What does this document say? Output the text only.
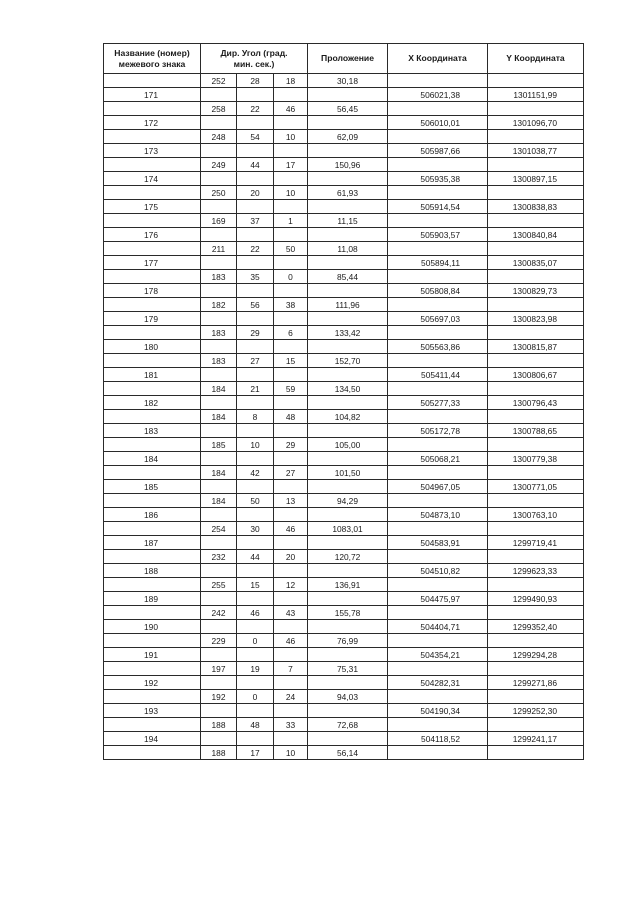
Название (номер) межевого знака	Дир. Угол (град. мин. сек.)			Проложение	X Координата	Y Координата
	252	28	18	30,18		
171					506021,38	1301151,99
	258	22	46	56,45		
172					506010,01	1301096,70
	248	54	10	62,09		
173					505987,66	1301038,77
	249	44	17	150,96		
174					505935,38	1300897,15
	250	20	10	61,93		
175					505914,54	1300838,83
	169	37	1	11,15		
176					505903,57	1300840,84
	211	22	50	11,08		
177					505894,11	1300835,07
	183	35	0	85,44		
178					505808,84	1300829,73
	182	56	38	111,96		
179					505697,03	1300823,98
	183	29	6	133,42		
180					505563,86	1300815,87
	183	27	15	152,70		
181					505411,44	1300806,67
	184	21	59	134,50		
182					505277,33	1300796,43
	184	8	48	104,82		
183					505172,78	1300788,65
	185	10	29	105,00		
184					505068,21	1300779,38
	184	42	27	101,50		
185					504967,05	1300771,05
	184	50	13	94,29		
186					504873,10	1300763,10
	254	30	46	1083,01		
187					504583,91	1299719,41
	232	44	20	120,72		
188					504510,82	1299623,33
	255	15	12	136,91		
189					504475,97	1299490,93
	242	46	43	155,78		
190					504404,71	1299352,40
	229	0	46	76,99		
191					504354,21	1299294,28
	197	19	7	75,31		
192					504282,31	1299271,86
	192	0	24	94,03		
193					504190,34	1299252,30
	188	48	33	72,68		
194					504118,52	1299241,17
	188	17	10	56,14		
